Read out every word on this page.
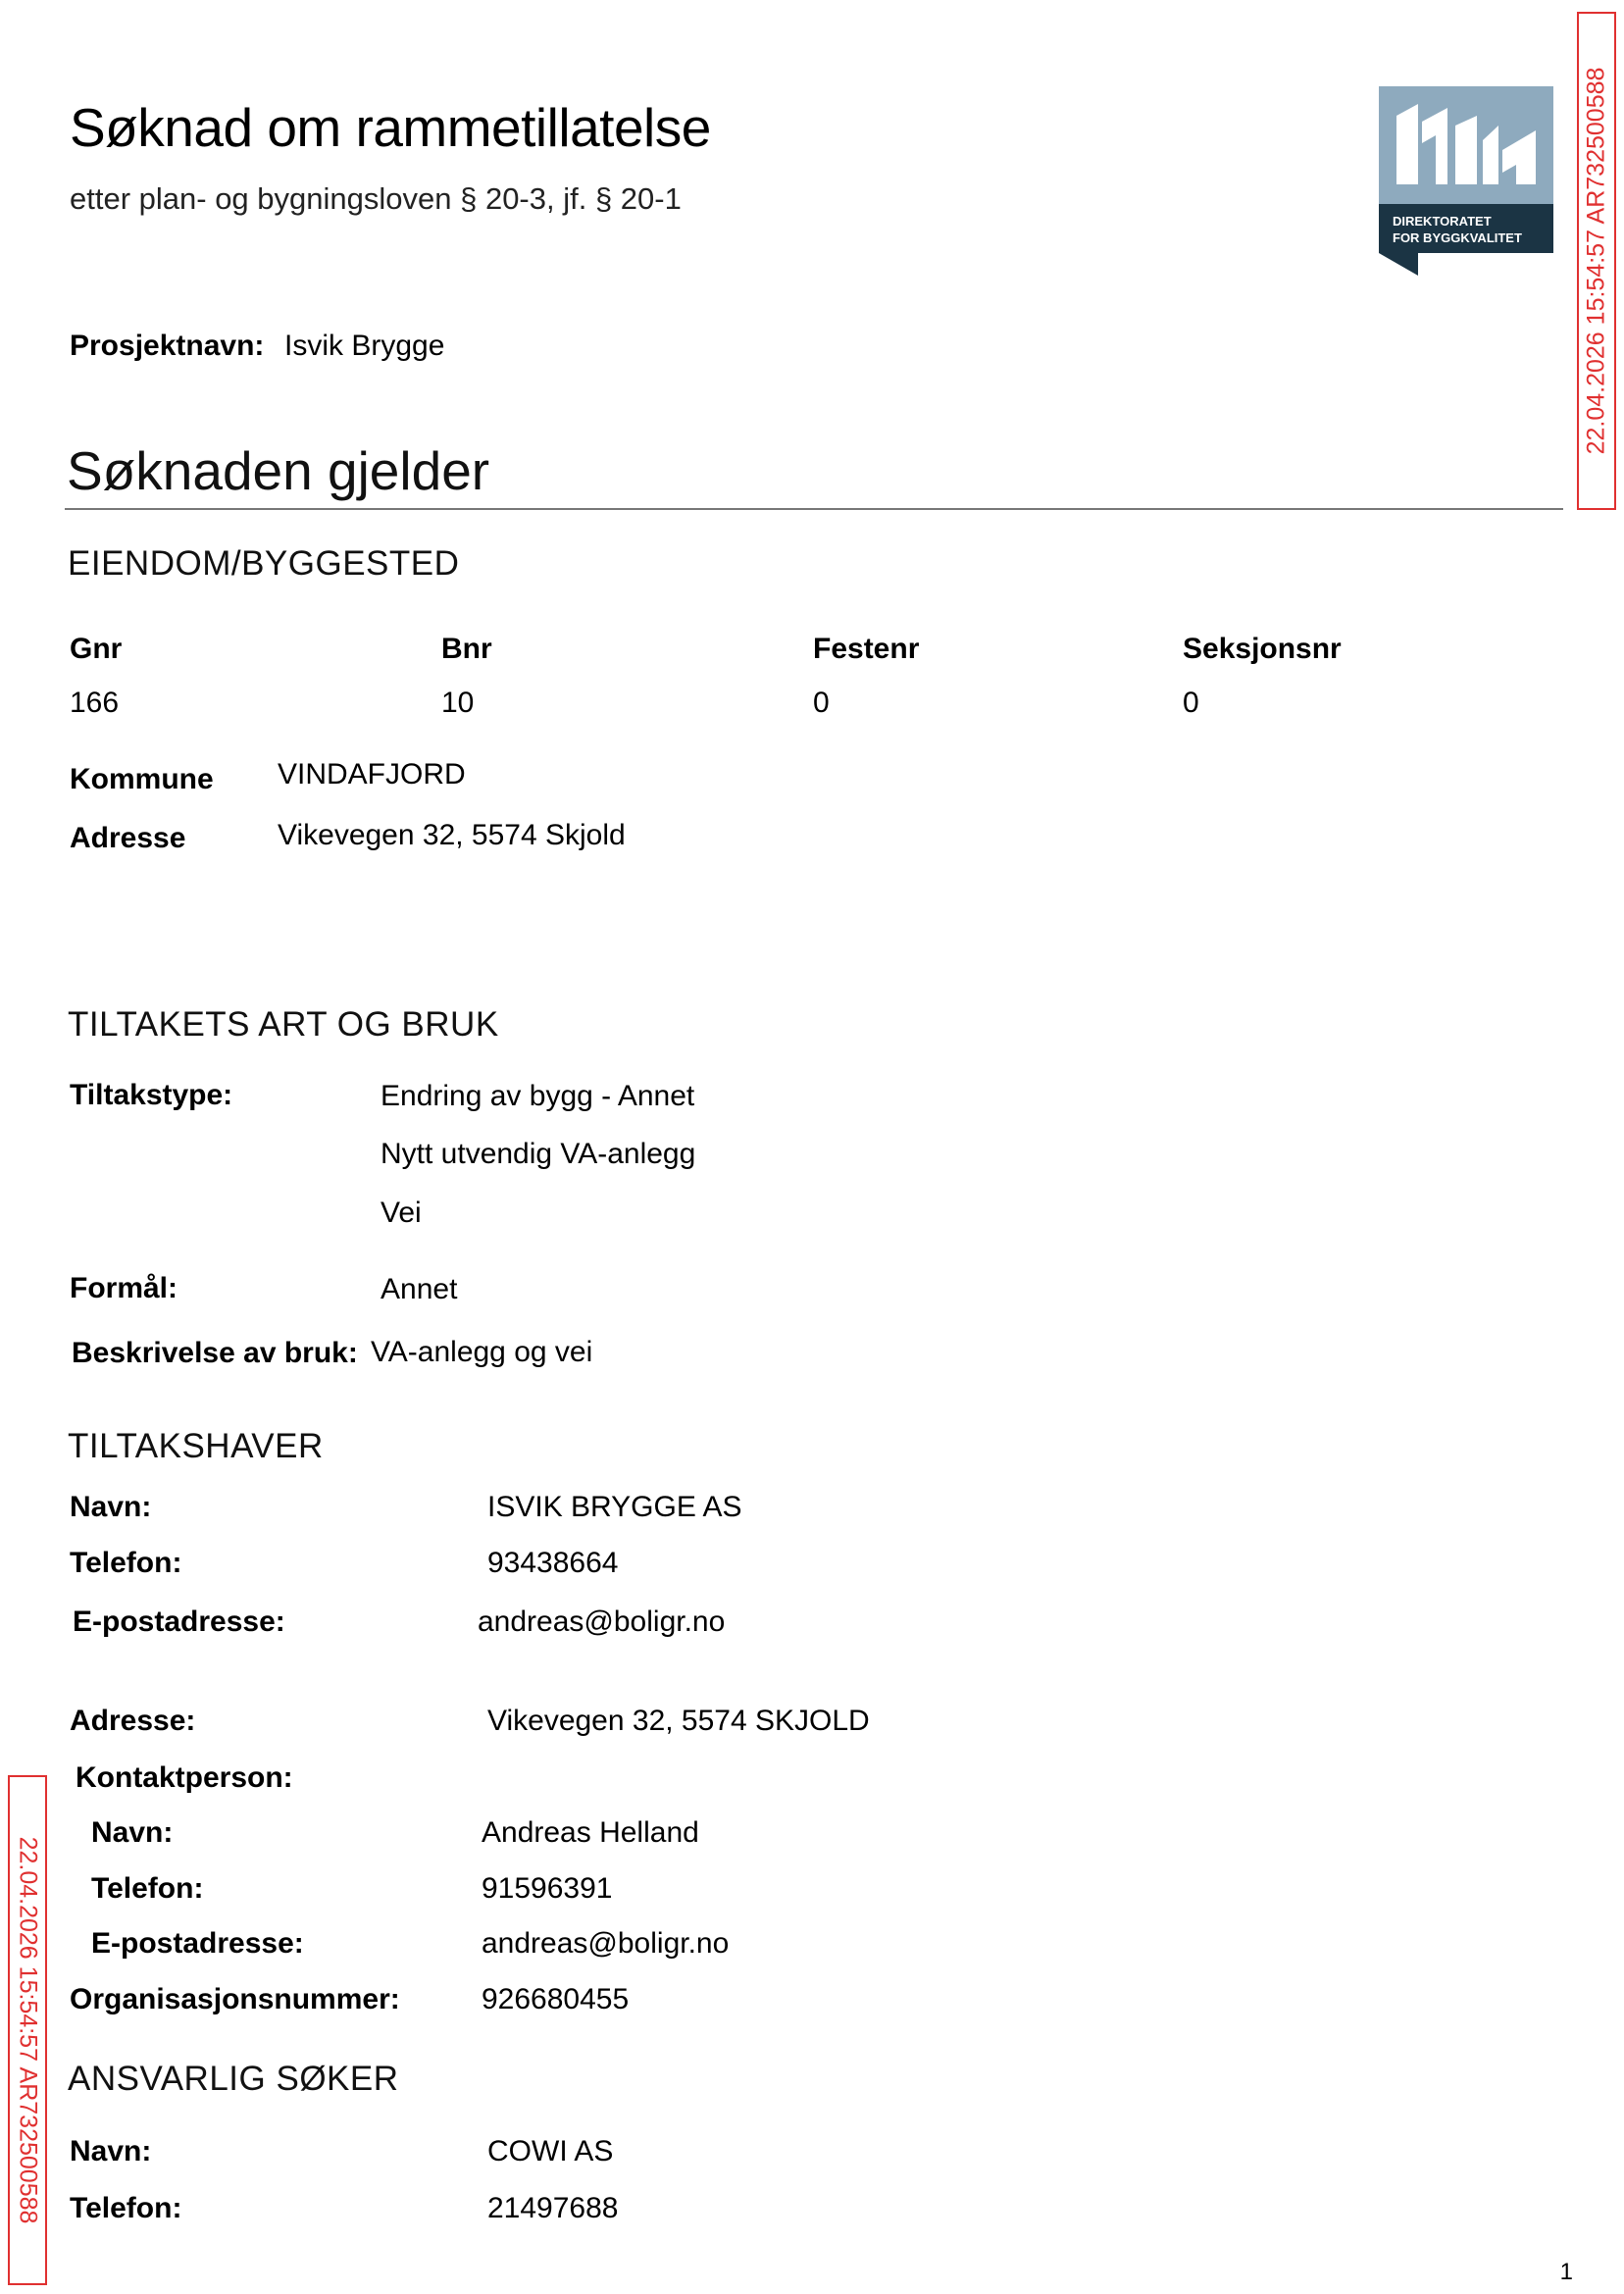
Søknad om rammetillatelse
etter plan- og bygningsloven § 20-3, jf. § 20-1
DIREKTORATET
FOR BYGGKVALITET 22.04.2026 15:54:57 AR732500588
22.04.2026 15:54:57 AR732500588
Prosjektnavn: Isvik Brygge
Søknaden gjelder
EIENDOM/BYGGESTED
Gnr	Bnr	Festenr	Seksjonsnr
166	10	0	0
Kommune VINDAFJORD
Adresse	Vikevegen 32, 5574 Skjold
TILTAKETS ART OG BRUK
Tiltakstype:	Endring av bygg - Annet
Nytt utvendig VA-anlegg
Vei
Formål:	Annet
Beskrivelse av bruk: VA-anlegg og vei
TILTAKSHAVER
Navn:	ISVIK BRYGGE AS
Telefon:	93438664
E-postadresse:	andreas@boligr.no
Adresse:	Vikevegen 32, 5574 SKJOLD
Kontaktperson:
Navn:	Andreas Helland
Telefon:	91596391
E-postadresse:	andreas@boligr.no
Organisasjonsnummer:	926680455
ANSVARLIG SØKER
Navn:	COWI AS
Telefon:	21497688
1
